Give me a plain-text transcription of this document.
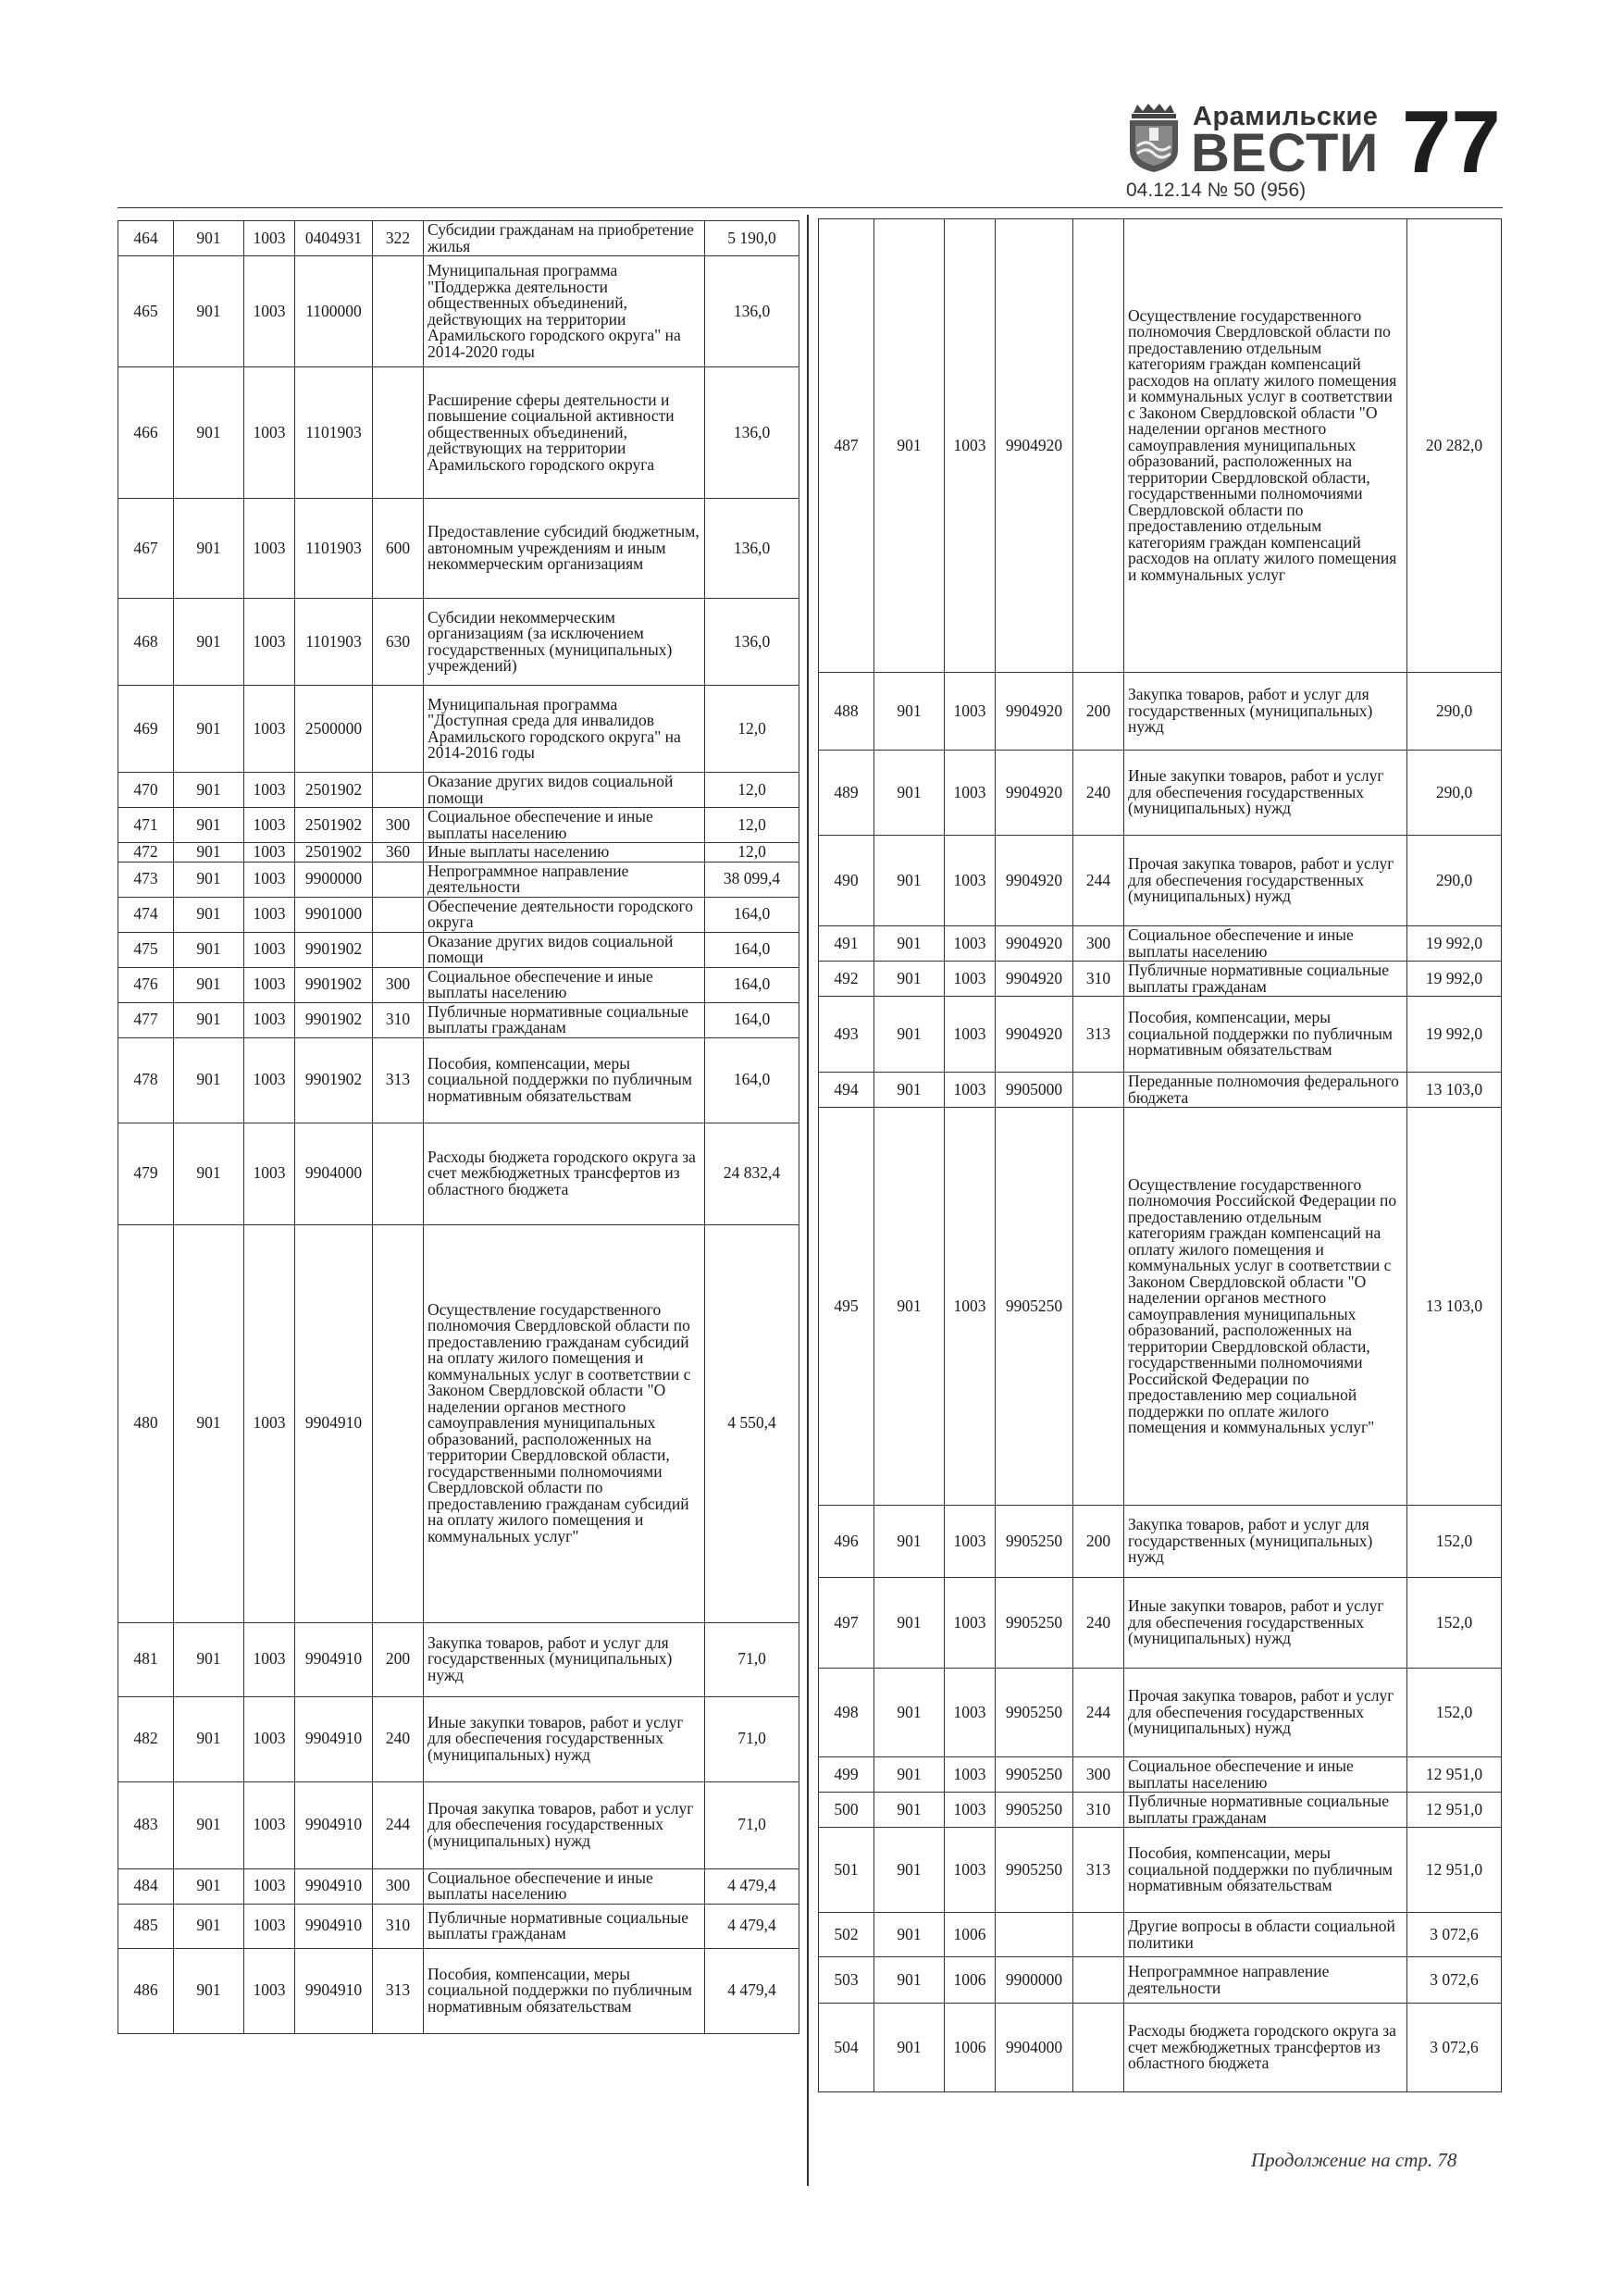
Арамильские
ВЕСТИ
04.12.14 № 50 (956) 77
464	901	1003	0404931	322	Субсидии гражданам на приобретение жилья	5 190,0
465	901	1003	1100000		Муниципальная программа "Поддержка деятельности общественных объединений, действующих на территории Арамильского городского округа" на 2014-2020 годы	136,0
466	901	1003	1101903		Расширение сферы деятельности и повышение социальной активности общественных объединений, действующих на территории Арамильского городского округа	136,0
467	901	1003	1101903	600	Предоставление субсидий бюджетным, автономным учреждениям и иным некоммерческим организациям	136,0
468	901	1003	1101903	630	Субсидии некоммерческим организациям (за исключением государственных (муниципальных) учреждений)	136,0
469	901	1003	2500000		Муниципальная программа "Доступная среда для инвалидов Арамильского городского округа" на 2014-2016 годы	12,0
470	901	1003	2501902		Оказание других видов социальной помощи	12,0
471	901	1003	2501902	300	Социальное обеспечение и иные выплаты населению	12,0
472	901	1003	2501902	360	Иные выплаты населению	12,0
473	901	1003	9900000		Непрограммное направление деятельности	38 099,4
474	901	1003	9901000		Обеспечение деятельности городского округа	164,0
475	901	1003	9901902		Оказание других видов социальной помощи	164,0
476	901	1003	9901902	300	Социальное обеспечение и иные выплаты населению	164,0
477	901	1003	9901902	310	Публичные нормативные социальные выплаты гражданам	164,0
478	901	1003	9901902	313	Пособия, компенсации, меры социальной поддержки по публичным нормативным обязательствам	164,0
479	901	1003	9904000		Расходы бюджета городского округа за счет межбюджетных трансфертов из областного бюджета	24 832,4
480	901	1003	9904910		Осуществление государственного полномочия Свердловской области по предоставлению гражданам субсидий на оплату жилого помещения и коммунальных услуг в соответствии с Законом Свердловской области "О наделении органов местного самоуправления муниципальных образований, расположенных на территории Свердловской области, государственными полномочиями Свердловской области по предоставлению гражданам субсидий на оплату жилого помещения и коммунальных услуг"	4 550,4
481	901	1003	9904910	200	Закупка товаров, работ и услуг для государственных (муниципальных) нужд	71,0
482	901	1003	9904910	240	Иные закупки товаров, работ и услуг для обеспечения государственных (муниципальных) нужд	71,0
483	901	1003	9904910	244	Прочая закупка товаров, работ и услуг для обеспечения государственных (муниципальных) нужд	71,0
484	901	1003	9904910	300	Социальное обеспечение и иные выплаты населению	4 479,4
485	901	1003	9904910	310	Публичные нормативные социальные выплаты гражданам	4 479,4
486	901	1003	9904910	313	Пособия, компенсации, меры социальной поддержки по публичным нормативным обязательствам	4 479,4
487	901	1003	9904920		Осуществление государственного полномочия Свердловской области по предоставлению отдельным категориям граждан компенсаций расходов на оплату жилого помещения и коммунальных услуг в соответствии с Законом Свердловской области "О наделении органов местного самоуправления муниципальных образований, расположенных на территории Свердловской области, государственными полномочиями Свердловской области по предоставлению отдельным категориям граждан компенсаций расходов на оплату жилого помещения и коммунальных услуг	20 282,0
488	901	1003	9904920	200	Закупка товаров, работ и услуг для государственных (муниципальных) нужд	290,0
489	901	1003	9904920	240	Иные закупки товаров, работ и услуг для обеспечения государственных (муниципальных) нужд	290,0
490	901	1003	9904920	244	Прочая закупка товаров, работ и услуг для обеспечения государственных (муниципальных) нужд	290,0
491	901	1003	9904920	300	Социальное обеспечение и иные выплаты населению	19 992,0
492	901	1003	9904920	310	Публичные нормативные социальные выплаты гражданам	19 992,0
493	901	1003	9904920	313	Пособия, компенсации, меры социальной поддержки по публичным нормативным обязательствам	19 992,0
494	901	1003	9905000		Переданные полномочия федерального бюджета	13 103,0
495	901	1003	9905250		Осуществление государственного полномочия Российской Федерации по предоставлению отдельным категориям граждан компенсаций на оплату жилого помещения и коммунальных услуг в соответствии с Законом Свердловской области "О наделении органов местного самоуправления муниципальных образований, расположенных на территории Свердловской области, государственными полномочиями Российской Федерации по предоставлению мер социальной поддержки по оплате жилого помещения и коммунальных услуг"	13 103,0
496	901	1003	9905250	200	Закупка товаров, работ и услуг для государственных (муниципальных) нужд	152,0
497	901	1003	9905250	240	Иные закупки товаров, работ и услуг для обеспечения государственных (муниципальных) нужд	152,0
498	901	1003	9905250	244	Прочая закупка товаров, работ и услуг для обеспечения государственных (муниципальных) нужд	152,0
499	901	1003	9905250	300	Социальное обеспечение и иные выплаты населению	12 951,0
500	901	1003	9905250	310	Публичные нормативные социальные выплаты гражданам	12 951,0
501	901	1003	9905250	313	Пособия, компенсации, меры социальной поддержки по публичным нормативным обязательствам	12 951,0
502	901	1006			Другие вопросы в области социальной политики	3 072,6
503	901	1006	9900000		Непрограммное направление деятельности	3 072,6
504	901	1006	9904000		Расходы бюджета городского округа за счет межбюджетных трансфертов из областного бюджета	3 072,6
Продолжение на стр. 78
